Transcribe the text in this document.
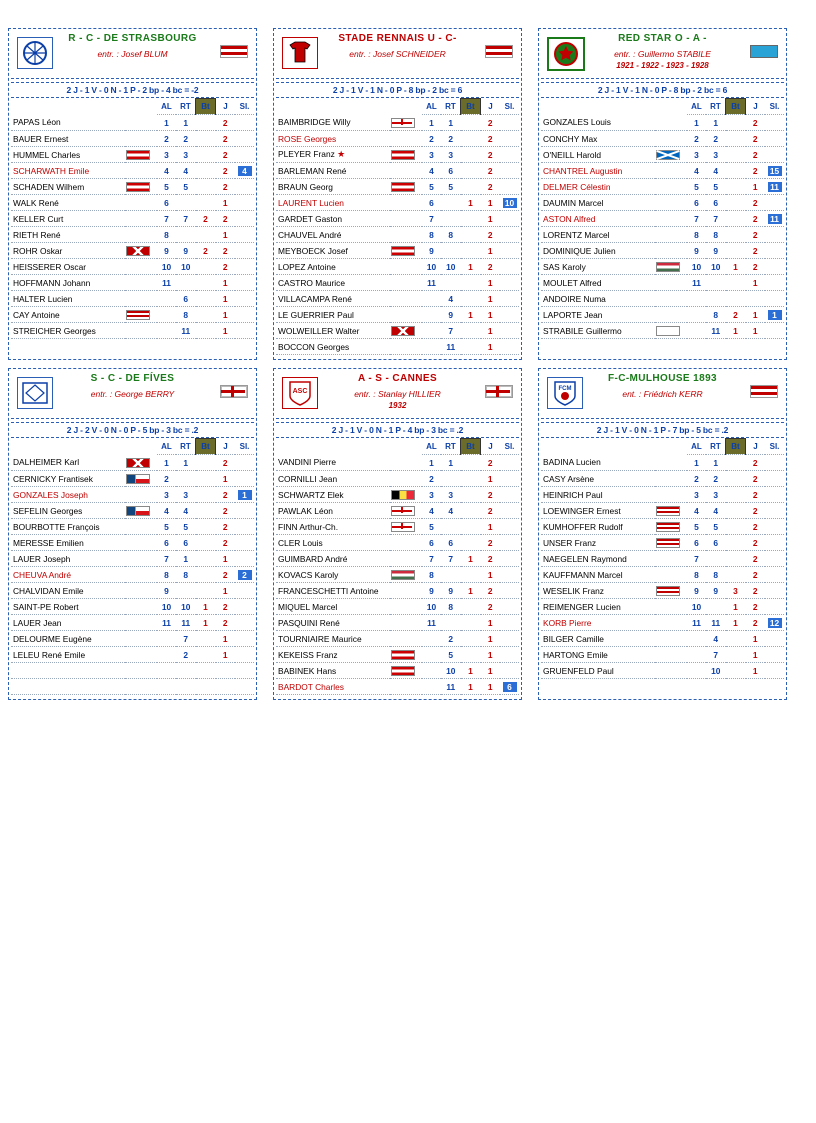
R - C - DE STRASBOURG
entr. : Josef BLUM
2 J - 1 V - 0 N - 1 P - 2 bp - 4 bc = -2
		AL	RT	Bt	J	Sl.
PAPAS Léon		1	1		2	
BAUER Ernest		2	2		2	
HUMMEL Charles		3	3		2	
SCHARWATH Emile		4	4		2	4
SCHADEN Wilhem		5	5		2	
WALK René		6			1	
KELLER Curt		7	7	2	2	
RIETH René		8			1	
ROHR Oskar		9	9	2	2	
HEISSERER Oscar		10	10		2	
HOFFMANN Johann		11			1	
HALTER Lucien			6		1	
CAY Antoine			8		1	
STREICHER Georges			11		1	
STADE RENNAIS U - C-
entr. : Josef SCHNEIDER
2 J - 1 V - 1 N - 0 P - 8 bp - 2 bc = 6
		AL	RT	Bt	J	Sl.
BAIMBRIDGE Willy		1	1		2	
ROSE Georges		2	2		2	
PLEYER Franz ★		3	3		2	
BARLEMAN René		4	6		2	
BRAUN Georg		5	5		2	
LAURENT Lucien		6		1	1	10
GARDET Gaston		7			1	
CHAUVEL André		8	8		2	
MEYBOECK Josef		9			1	
LOPEZ Antoine		10	10	1	2	
CASTRO Maurice		11			1	
VILLACAMPA René			4		1	
LE GUERRIER Paul			9	1	1	
WOLWEILLER Walter			7		1	
BOCCON Georges			11		1	
RED STAR O - A -
entr. : Guillermo STABILE
1921 - 1922 - 1923 - 1928
2 J - 1 V - 1 N - 0 P - 8 bp - 2 bc = 6
		AL	RT	Bt	J	Sl.
GONZALES Louis		1	1		2	
CONCHY Max		2	2		2	
O'NEILL Harold		3	3		2	
CHANTREL Augustin		4	4		2	15
DELMER Célestin		5	5		1	11
DAUMIN Marcel		6	6		2	
ASTON Alfred		7	7		2	11
LORENTZ Marcel		8	8		2	
DOMINIQUE Julien		9	9		2	
SAS Karoly		10	10	1	2	
MOULET Alfred		11			1	
ANDOIRE Numa						
LAPORTE Jean			8	2	1	1
STRABILE Guillermo			11	1	1	
S - C - DE FÍVES
entr. : George BERRY
2 J - 2 V - 0 N - 0 P - 5 bp - 3 bc = .2
		AL	RT	Bt	J	Sl.
DALHEIMER Karl		1	1		2	
CERNICKY Frantisek		2			1	
GONZALES Joseph		3	3		2	1
SEFELIN Georges		4	4		2	
BOURBOTTE François		5	5		2	
MERESSE Emilien		6	6		2	
LAUER Joseph		7	1		1	
CHEUVA André		8	8		2	2
CHALVIDAN Emile		9			1	
SAINT-PE Robert		10	10	1	2	
LAUER Jean		11	11	1	2	
DELOURME Eugène			7		1	
LELEU René Emile			2		1	

ASC
A - S - CANNES
entr. : Stanlay HILLIER
1932
2 J - 1 V - 0 N - 1 P - 4 bp - 3 bc = .2
		AL	RT	Bt	J	Sl.
VANDINI Pierre		1	1		2	
CORNILLI Jean		2			1	
SCHWARTZ Elek		3	3		2	
PAWLAK Léon		4	4		2	
FINN Arthur-Ch.		5			1	
CLER Louis		6	6		2	
GUIMBARD André		7	7	1	2	
KOVACS Karoly		8			1	
FRANCESCHETTI Antoine		9	9	1	2	
MIQUEL Marcel		10	8		2	
PASQUINI René		11			1	
TOURNIAIRE Maurice			2		1	
KEKEISS Franz			5		1	
BABINEK Hans			10	1	1	
BARDOT Charles			11	1	1	6
FCM
F-C-MULHOUSE 1893
ent. : Friédrich KERR
2 J - 1 V - 0 N - 1 P - 7 bp - 5 bc = .2
		AL	RT	Bt	J	Sl.
BADINA Lucien		1	1		2	
CASY Arsène		2	2		2	
HEINRICH Paul		3	3		2	
LOEWINGER Ernest		4	4		2	
KUMHOFFER Rudolf		5	5		2	
UNSER Franz		6	6		2	
NAEGELEN Raymond		7			2	
KAUFFMANN Marcel		8	8		2	
WESELIK Franz		9	9	3	2	
REIMENGER Lucien		10		1	2	
KORB Pierre		11	11	1	2	12
BILGER Camille			4		1	
HARTONG Emile			7		1	
GRUENFELD Paul			10		1	
